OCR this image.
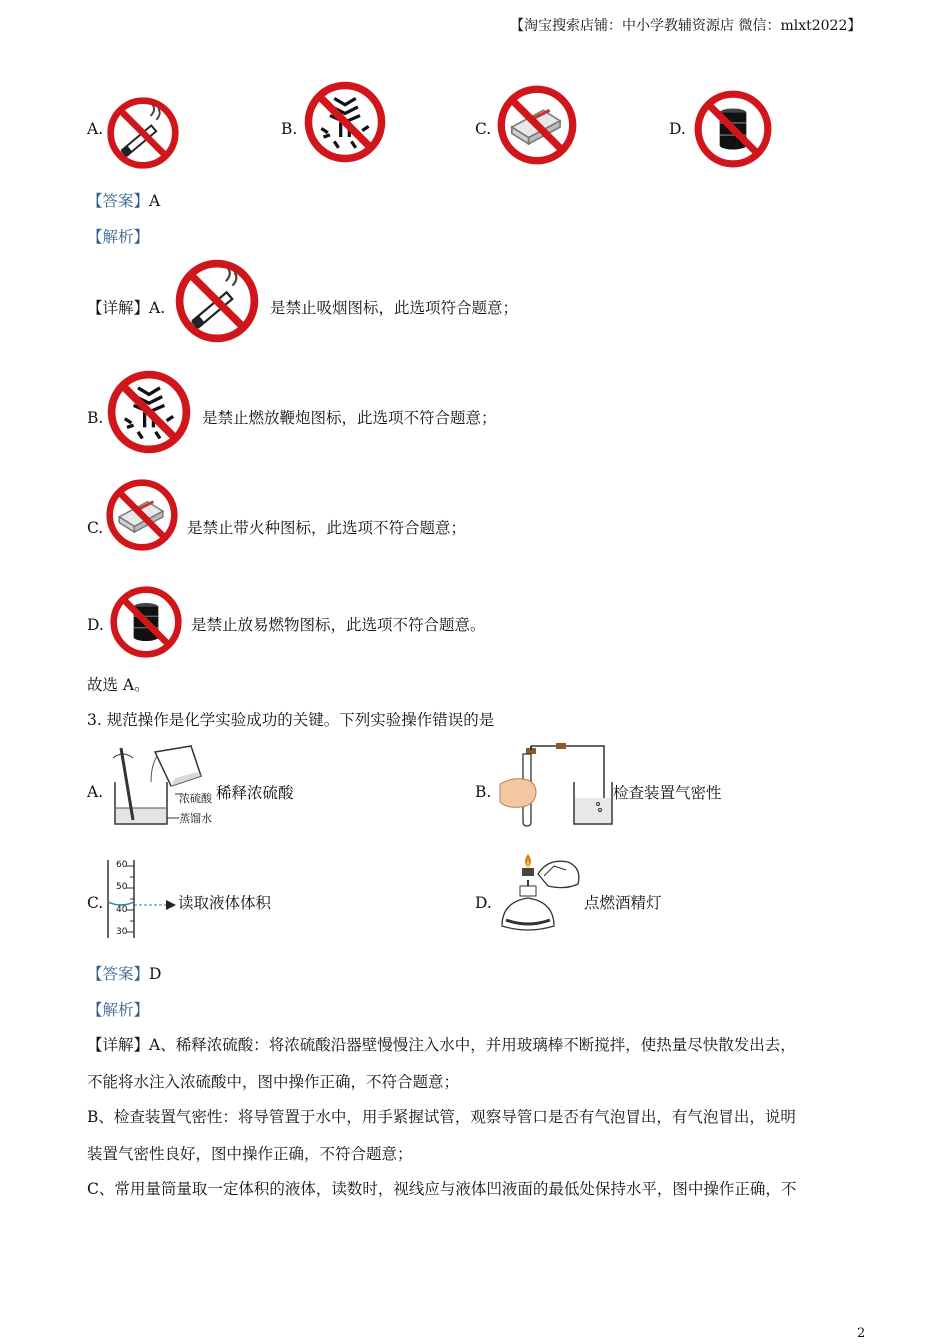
【淘宝搜索店铺：中小学教辅资源店 微信：mlxt2022】
A.	B.	C.	D.
【答案】A
【解析】
【详解】A.	是禁止吸烟图标，此选项符合题意；
B.	是禁止燃放鞭炮图标，此选项不符合题意；
C.	是禁止带火种图标，此选项不符合题意；
D.	是禁止放易燃物图标，此选项不符合题意。
故选 A。
3. 规范操作是化学实验成功的关键。下列实验操作错误的是
A.	浓硫酸
蒸馏水
稀释浓硫酸	B.	检查装置气密性
C.
60
50
40
30
读取液体体积	D.	点燃酒精灯
【答案】D
【解析】
【详解】A、稀释浓硫酸：将浓硫酸沿器壁慢慢注入水中，并用玻璃棒不断搅拌，使热量尽快散发出去，
不能将水注入浓硫酸中，图中操作正确，不符合题意；
B、检查装置气密性：将导管置于水中，用手紧握试管，观察导管口是否有气泡冒出，有气泡冒出，说明
装置气密性良好，图中操作正确，不符合题意；
C、常用量筒量取一定体积的液体，读数时，视线应与液体凹液面的最低处保持水平，图中操作正确，不
2
